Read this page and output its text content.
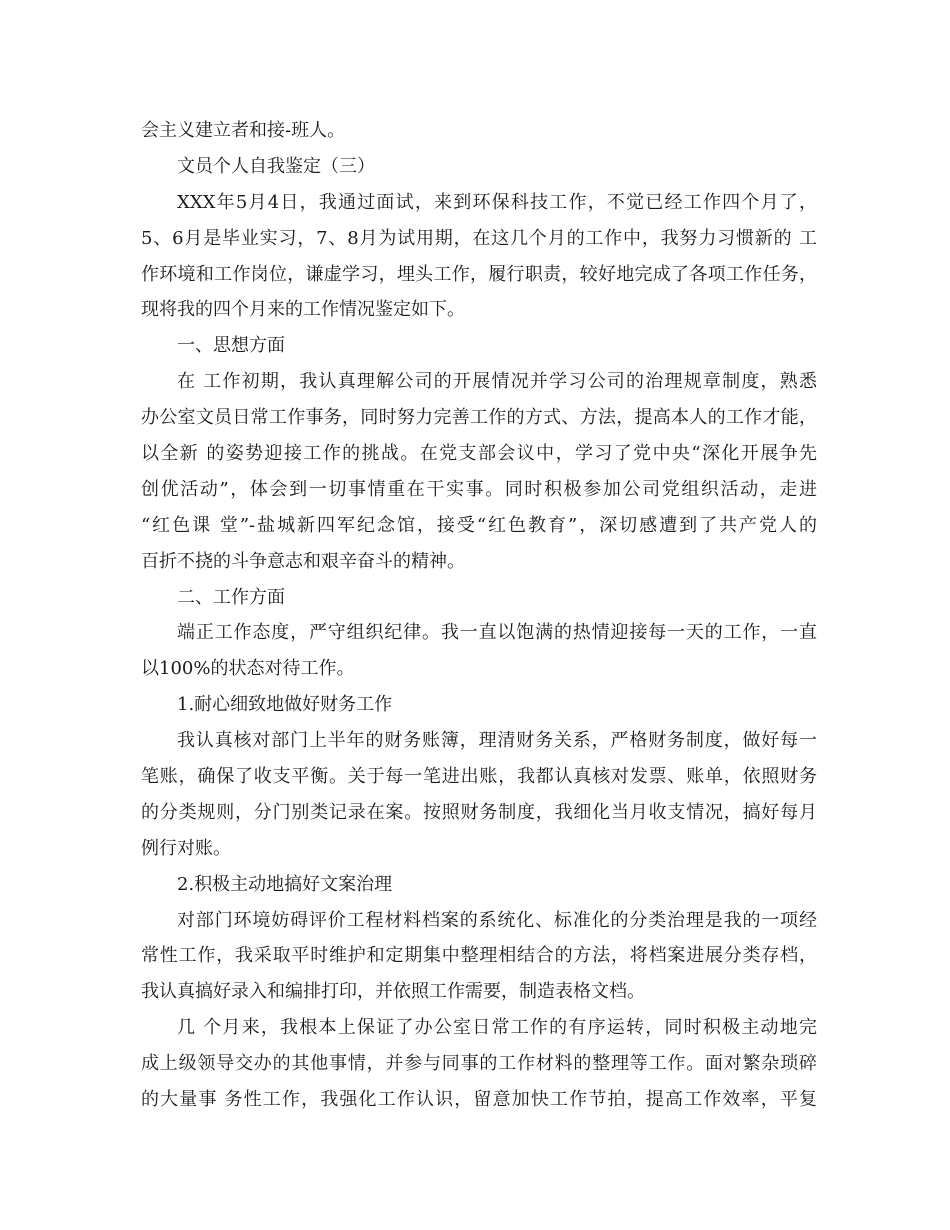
会主义建立者和接-班人。

文员个人自我鉴定（三）

XXX年5月4日，我通过面试，来到环保科技工作，不觉已经工作四个月了，

5、6月是毕业实习，7、8月为试用期，在这几个月的工作中，我努力习惯新的 工

作环境和工作岗位，谦虚学习，埋头工作，履行职责，较好地完成了各项工作任务，

现将我的四个月来的工作情况鉴定如下。

一、思想方面

在 工作初期，我认真理解公司的开展情况并学习公司的治理规章制度，熟悉

办公室文员日常工作事务，同时努力完善工作的方式、方法，提高本人的工作才能，

以全新 的姿势迎接工作的挑战。在党支部会议中，学习了党中央“深化开展争先

创优活动”，体会到一切事情重在干实事。同时积极参加公司党组织活动，走进

“红色课 堂”-盐城新四军纪念馆，接受“红色教育”，深切感遭到了共产党人的

百折不挠的斗争意志和艰辛奋斗的精神。

二、工作方面

端正工作态度，严守组织纪律。我一直以饱满的热情迎接每一天的工作，一直

以100%的状态对待工作。

1.耐心细致地做好财务工作

我认真核对部门上半年的财务账簿，理清财务关系，严格财务制度，做好每一

笔账，确保了收支平衡。关于每一笔进出账，我都认真核对发票、账单，依照财务

的分类规则，分门别类记录在案。按照财务制度，我细化当月收支情况，搞好每月

例行对账。

2.积极主动地搞好文案治理

对部门环境妨碍评价工程材料档案的系统化、标准化的分类治理是我的一项经

常性工作，我采取平时维护和定期集中整理相结合的方法，将档案进展分类存档，

我认真搞好录入和编排打印，并依照工作需要，制造表格文档。

几 个月来，我根本上保证了办公室日常工作的有序运转，同时积极主动地完

成上级领导交办的其他事情，并参与同事的工作材料的整理等工作。面对繁杂琐碎

的大量事 务性工作，我强化工作认识，留意加快工作节拍，提高工作效率，平复
